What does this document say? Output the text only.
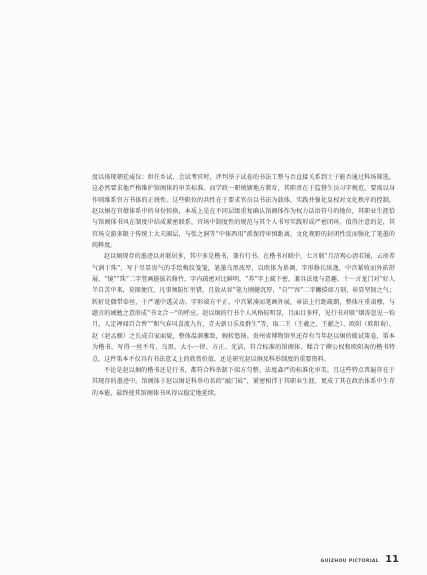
度以体现朝廷威仪；担任乡试、会试考官时，评判举子试卷的书法工整与否直接关系到士子能否通过科场筛选，这必然要求他严格维护馆阁体的审美标准。而学政一职统辖地方教育，其职责在于监督生员习字规范，要需以身作则维系官方书体的正统性。这些职位的共性在于要求官员以书法为载体，实践并强化皇权对文化秩序的控制。赵以炯在官僚体系中的身份转换，本质上是在不同层级重复确认馆阁体作为权力话语符号的地位，其职业生涯恰与馆阁体书风在制度中结成紧密联系，官场中制度性的规范与其个人书写实践形成严密闭环。值得注意的是，其官场交游多限于传统士大夫圈层，与张之洞等“中体西用”派保持审慎距离，文化观野的封闭性反而强化了笔墨的纯粹度。

赵以炯现存的墨迹以对联居多，其中多是楷书，兼有行书。在楷书对联中，七言联“月沼观心清若镜，云房养气润于珠”，写于尽显贵气的手绘梅纹笺笺，笔墨乌黑浓厚，以欧体为基调，字形修长纵逸，中宫紧收而外拓舒展，“镜”“珠”二字竖画挺拔若修竹，字内疏密对比鲜明，“养”字上疏下密，兼具法度与意趣。十一言龙门对“好人半自苦中来，莫图便宜，凡事须防忙里错，且放从容”笔力刚健沉厚，“自”“容”二字撇捺如刀刻，彰显坚韧之气；转折处偶带牵丝，于严谨中透灵动。字形端方平正，中宫紧凑而笔画外展，章法上行距疏朗，整体庄重肃穆，与题言的诫勉之意形成“书文合一”的呼应。赵以炯的行书个人风格较明显，且面目多样，见行书对联“烟涛忽见一钩月，人定禅闻百合香”“和气春风喜流九有，青天新日乐及群生”等，取二王（王羲之、王献之）、欧阳（欧阳询）、赵（赵孟頫）之长成自家面貌，整体温润雅致，婉转悠扬。贵州省博物馆里还存有当年赵以炯的殿试策卷，策本为楷书，写得一丝不苟，乌黑、大小一律、方正、光洁，符合标准的馆阁体，糅合了柳公权和欧阳询的楷书特点。这件策本不仅具有书法意义上的欣赏价值，还是研究赵以炯及科举制度的重要资料。

不论是赵以炯的楷书还是行书，都符合科举制下端方匀整、法度森严的标准化审美，且这些特点普遍存在于其现存的墨迹中。馆阁体于赵以炯是科举功名的“敲门砖”，紧密相伴于其职业生涯，更成了其在政治体系中生存的本能，最终使其馆阁体书风得以稳定地延续。

GUIZHOU PICTORIAL 11
